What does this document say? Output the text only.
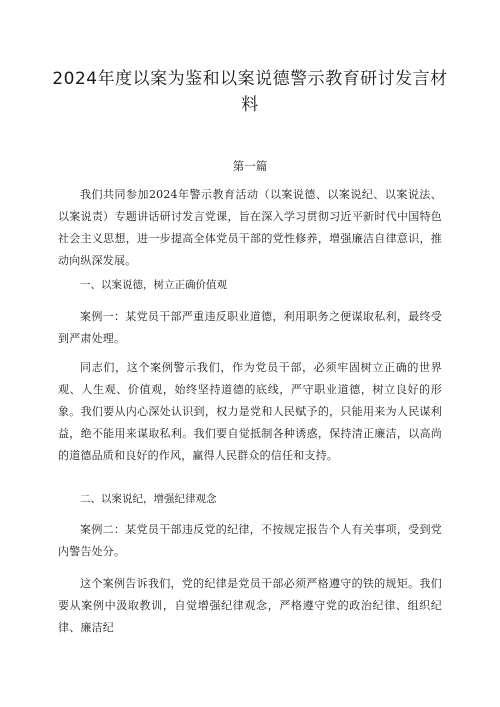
2024年度以案为鉴和以案说德警示教育研讨发言材料
第一篇
我们共同参加2024年警示教育活动（以案说德、以案说纪、以案说法、以案说责）专题讲话研讨发言党课，旨在深入学习贯彻习近平新时代中国特色社会主义思想，进一步提高全体党员干部的党性修养，增强廉洁自律意识，推动向纵深发展。
一、以案说德，树立正确价值观
案例一：某党员干部严重违反职业道德，利用职务之便谋取私利，最终受到严肃处理。
同志们，这个案例警示我们，作为党员干部，必须牢固树立正确的世界观、人生观、价值观，始终坚持道德的底线，严守职业道德，树立良好的形象。我们要从内心深处认识到，权力是党和人民赋予的，只能用来为人民谋利益，绝不能用来谋取私利。我们要自觉抵制各种诱惑，保持清正廉洁，以高尚的道德品质和良好的作风，赢得人民群众的信任和支持。
二、以案说纪，增强纪律观念
案例二：某党员干部违反党的纪律，不按规定报告个人有关事项，受到党内警告处分。
这个案例告诉我们，党的纪律是党员干部必须严格遵守的铁的规矩。我们要从案例中汲取教训，自觉增强纪律观念，严格遵守党的政治纪律、组织纪律、廉洁纪
